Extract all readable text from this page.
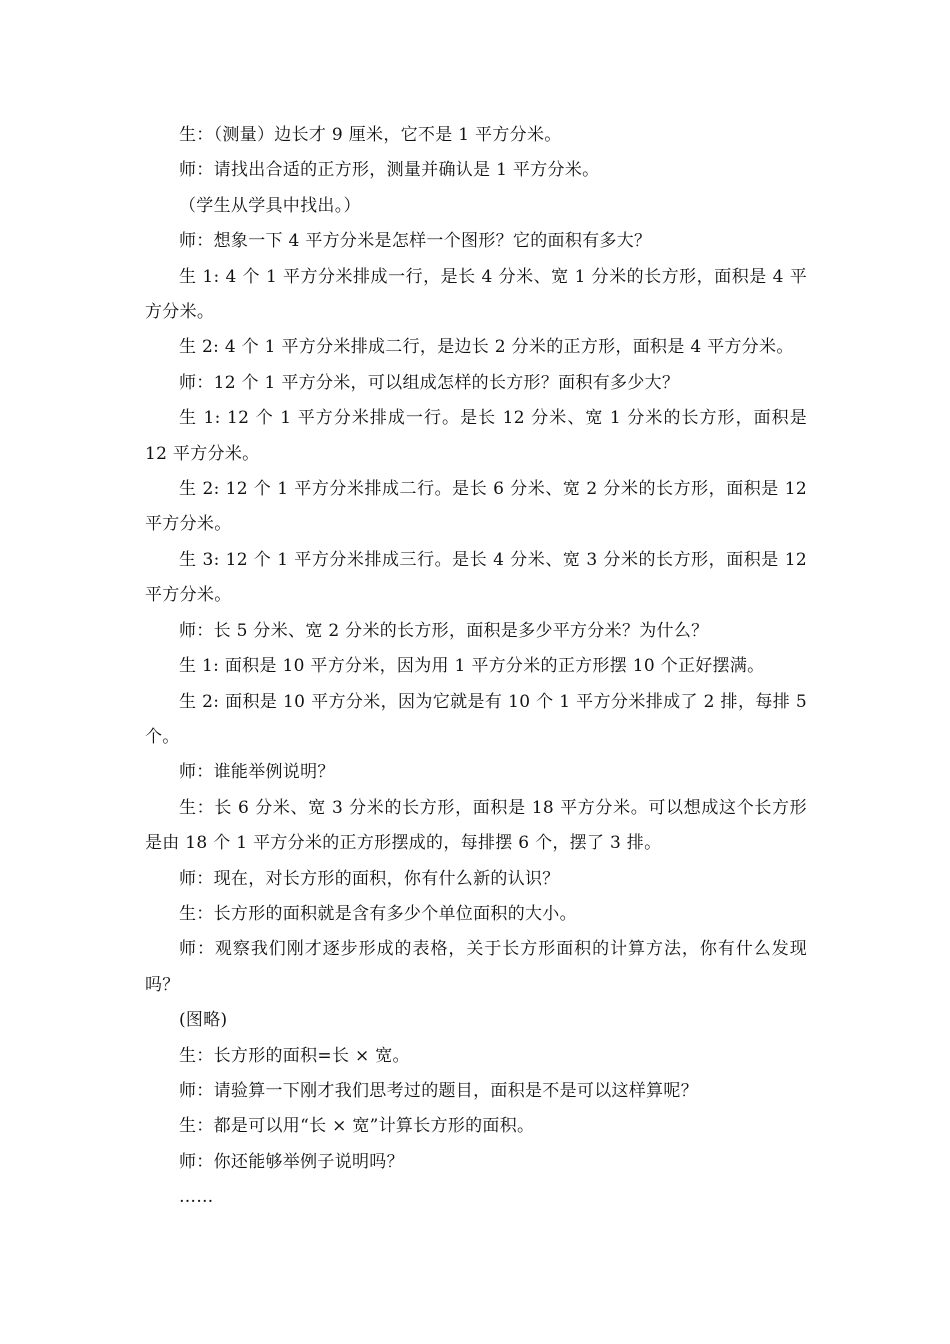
生：（测量）边长才 9 厘米，它不是 1 平方分米。

师：请找出合适的正方形，测量并确认是 1 平方分米。

（学生从学具中找出。）

师：想象一下 4 平方分米是怎样一个图形？它的面积有多大？

生 1: 4 个 1 平方分米排成一行，是长 4 分米、宽 1 分米的长方形，面积是 4 平方分米。

生 2: 4 个 1 平方分米排成二行，是边长 2 分米的正方形，面积是 4 平方分米。

师：12 个 1 平方分米，可以组成怎样的长方形？面积有多少大？

生 1: 12 个 1 平方分米排成一行。是长 12 分米、宽 1 分米的长方形，面积是 12 平方分米。

生 2: 12 个 1 平方分米排成二行。是长 6 分米、宽 2 分米的长方形，面积是 12 平方分米。

生 3: 12 个 1 平方分米排成三行。是长 4 分米、宽 3 分米的长方形，面积是 12 平方分米。

师：长 5 分米、宽 2 分米的长方形，面积是多少平方分米？为什么？

生 1: 面积是 10 平方分米，因为用 1 平方分米的正方形摆 10 个正好摆满。

生 2: 面积是 10 平方分米，因为它就是有 10 个 1 平方分米排成了 2 排，每排 5 个。

师：谁能举例说明？

生：长 6 分米、宽 3 分米的长方形，面积是 18 平方分米。可以想成这个长方形是由 18 个 1 平方分米的正方形摆成的，每排摆 6 个，摆了 3 排。

师：现在，对长方形的面积，你有什么新的认识？

生：长方形的面积就是含有多少个单位面积的大小。

师：观察我们刚才逐步形成的表格，关于长方形面积的计算方法，你有什么发现吗？

(图略)

生：长方形的面积=长 × 宽。

师：请验算一下刚才我们思考过的题目，面积是不是可以这样算呢？

生：都是可以用“长 × 宽”计算长方形的面积。

师：你还能够举例子说明吗？

……
